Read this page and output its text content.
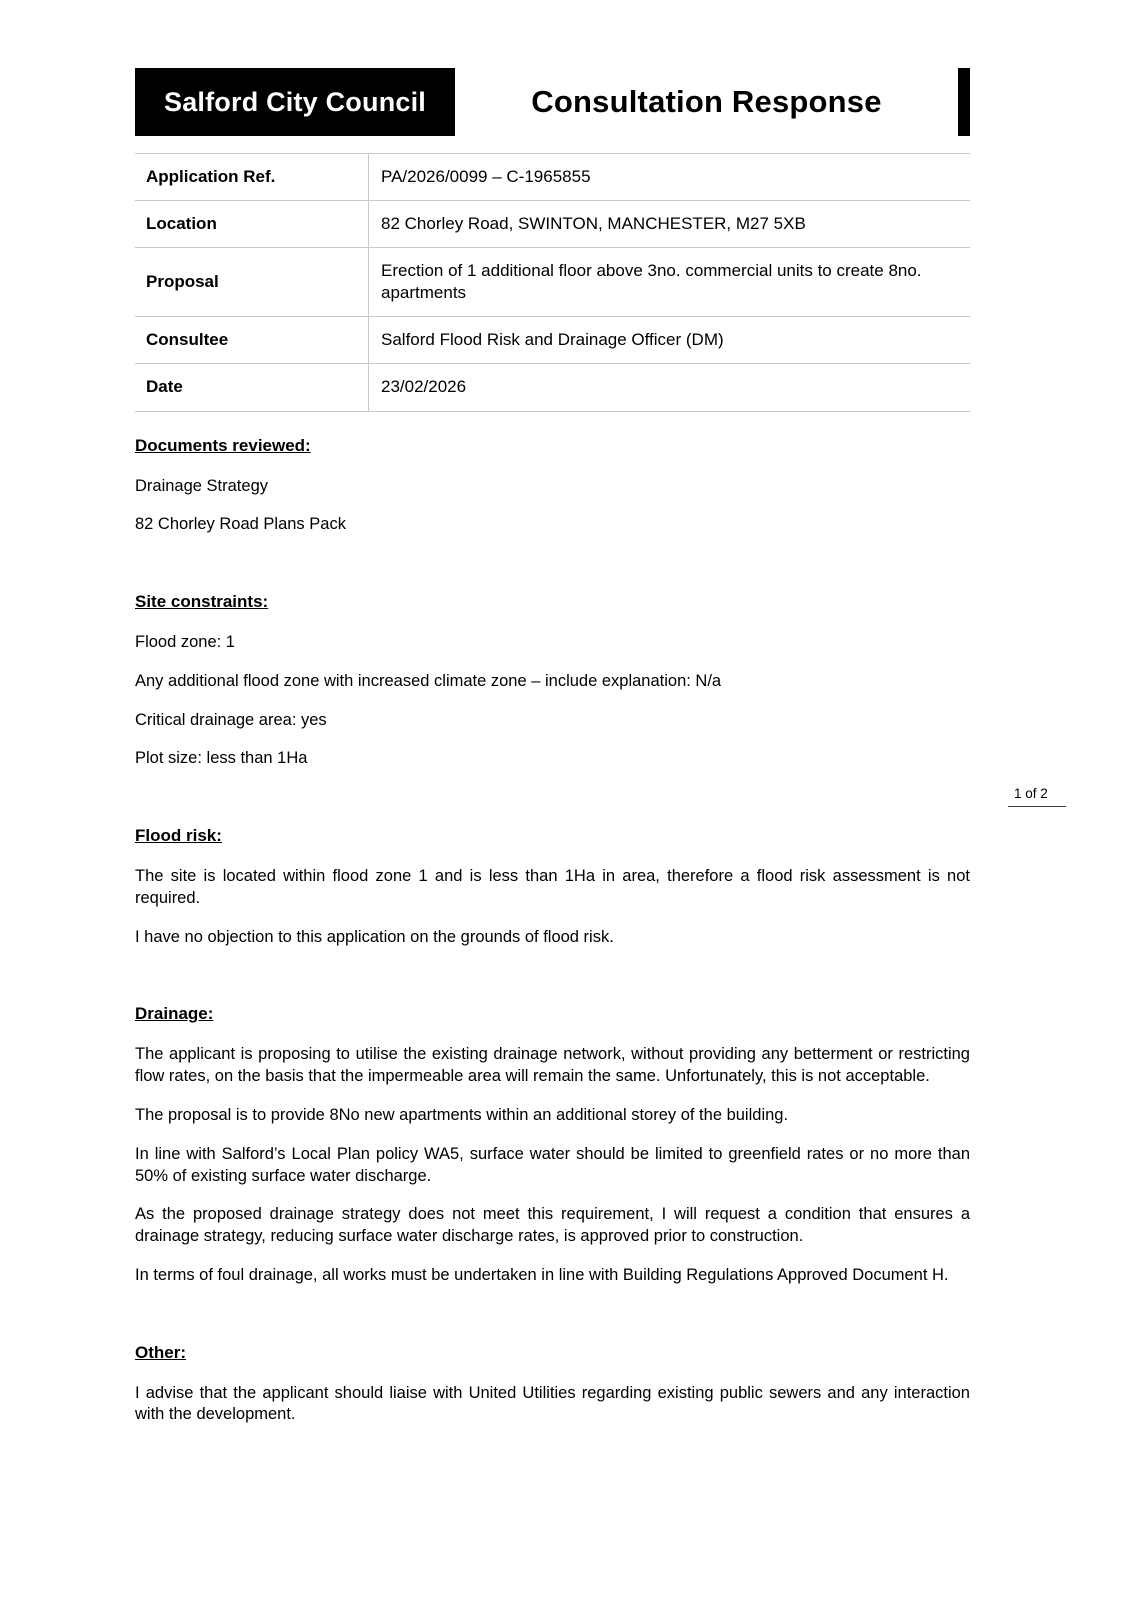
Salford City Council	Consultation Response
Application Ref.	PA/2026/0099 – C-1965855
Location	82 Chorley Road, SWINTON, MANCHESTER, M27 5XB
Proposal	Erection of 1 additional floor above 3no. commercial units to create 8no. apartments
Consultee	Salford Flood Risk and Drainage Officer (DM)
Date	23/02/2026
Documents reviewed:

Drainage Strategy

82 Chorley Road Plans Pack

Site constraints:

Flood zone: 1

Any additional flood zone with increased climate zone – include explanation: N/a

Critical drainage area: yes

Plot size: less than 1Ha

Flood risk:

The site is located within flood zone 1 and is less than 1Ha in area, therefore a flood risk assessment is not required.

I have no objection to this application on the grounds of flood risk.

Drainage:

The applicant is proposing to utilise the existing drainage network, without providing any betterment or restricting flow rates, on the basis that the impermeable area will remain the same. Unfortunately, this is not acceptable.

The proposal is to provide 8No new apartments within an additional storey of the building.

In line with Salford’s Local Plan policy WA5, surface water should be limited to greenfield rates or no more than 50% of existing surface water discharge.

As the proposed drainage strategy does not meet this requirement, I will request a condition that ensures a drainage strategy, reducing surface water discharge rates, is approved prior to construction.

In terms of foul drainage, all works must be undertaken in line with Building Regulations Approved Document H.

Other:

I advise that the applicant should liaise with United Utilities regarding existing public sewers and any interaction with the development.

1 of 2
